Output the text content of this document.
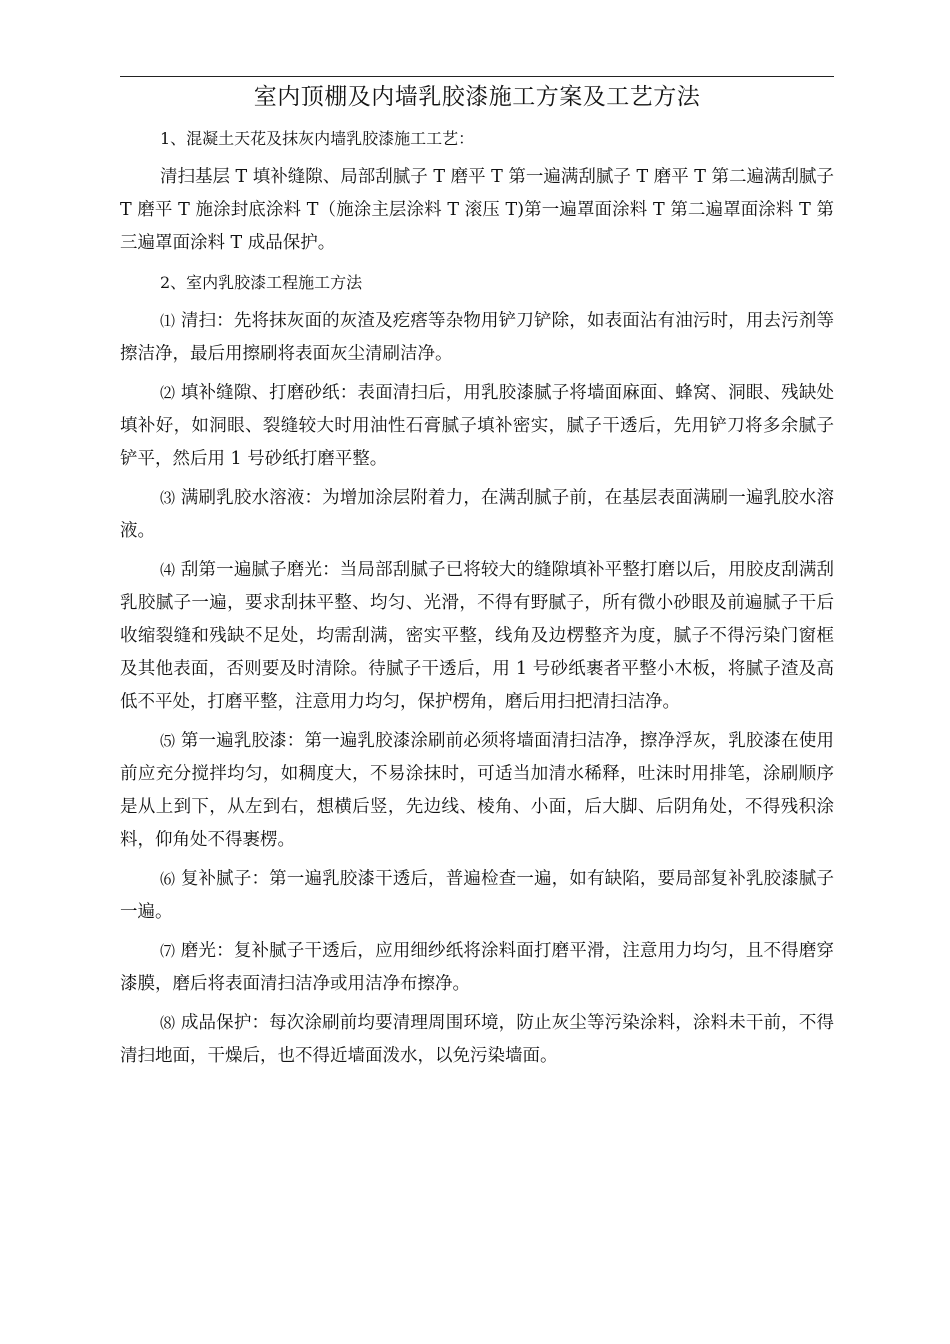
室内顶棚及内墙乳胶漆施工方案及工艺方法

1、混凝土天花及抹灰内墙乳胶漆施工工艺：

清扫基层 T 填补缝隙、局部刮腻子 T 磨平 T 第一遍满刮腻子 T 磨平 T 第二遍满刮腻子 T 磨平 T 施涂封底涂料 T（施涂主层涂料 T 滚压 T)第一遍罩面涂料 T 第二遍罩面涂料 T 第三遍罩面涂料 T 成品保护。

2、室内乳胶漆工程施工方法

⑴ 清扫：先将抹灰面的灰渣及疙瘩等杂物用铲刀铲除，如表面沾有油污时，用去污剂等擦洁净，最后用擦刷将表面灰尘清刷洁净。

⑵ 填补缝隙、打磨砂纸：表面清扫后，用乳胶漆腻子将墙面麻面、蜂窝、洞眼、残缺处填补好，如洞眼、裂缝较大时用油性石膏腻子填补密实，腻子干透后，先用铲刀将多余腻子铲平，然后用 1 号砂纸打磨平整。

⑶ 满刷乳胶水溶液：为增加涂层附着力，在满刮腻子前，在基层表面满刷一遍乳胶水溶液。

⑷ 刮第一遍腻子磨光：当局部刮腻子已将较大的缝隙填补平整打磨以后，用胶皮刮满刮乳胶腻子一遍，要求刮抹平整、均匀、光滑，不得有野腻子，所有微小砂眼及前遍腻子干后收缩裂缝和残缺不足处，均需刮满，密实平整，线角及边楞整齐为度，腻子不得污染门窗框及其他表面，否则要及时清除。待腻子干透后，用 1 号砂纸裹者平整小木板，将腻子渣及高低不平处，打磨平整，注意用力均匀，保护楞角，磨后用扫把清扫洁净。

⑸ 第一遍乳胶漆：第一遍乳胶漆涂刷前必须将墙面清扫洁净，擦净浮灰，乳胶漆在使用前应充分搅拌均匀，如稠度大，不易涂抹时，可适当加清水稀释，吐沫时用排笔，涂刷顺序是从上到下，从左到右，想横后竖，先边线、棱角、小面，后大脚、后阴角处，不得残积涂料，仰角处不得裹楞。

⑹ 复补腻子：第一遍乳胶漆干透后，普遍检查一遍，如有缺陷，要局部复补乳胶漆腻子一遍。

⑺ 磨光：复补腻子干透后，应用细纱纸将涂料面打磨平滑，注意用力均匀，且不得磨穿漆膜，磨后将表面清扫洁净或用洁净布擦净。

⑻ 成品保护：每次涂刷前均要清理周围环境，防止灰尘等污染涂料，涂料未干前，不得清扫地面，干燥后，也不得近墙面泼水，以免污染墙面。
